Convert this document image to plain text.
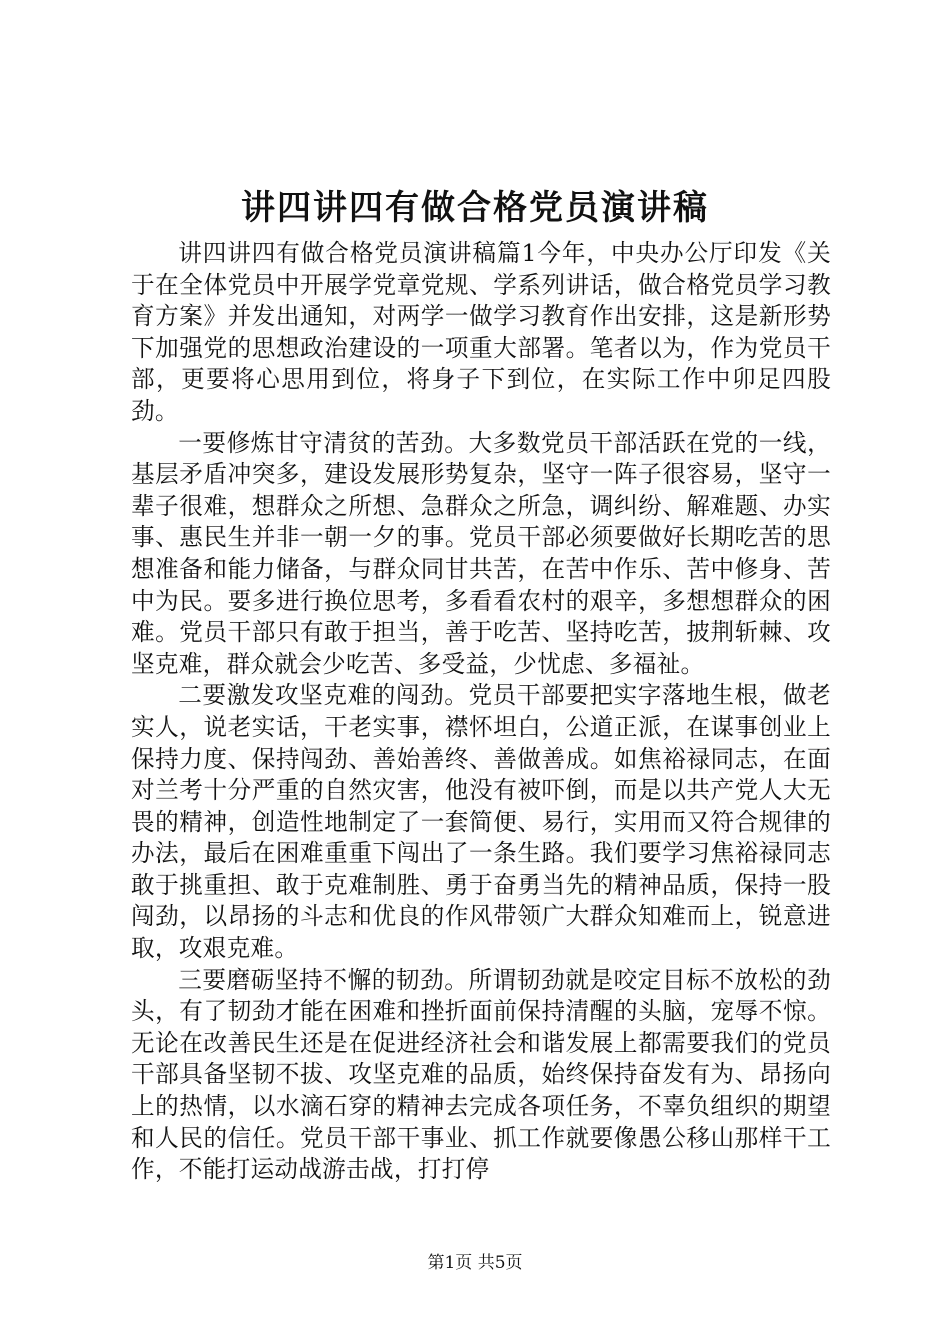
讲四讲四有做合格党员演讲稿

讲四讲四有做合格党员演讲稿篇1今年，中央办公厅印发《关于在全体党员中开展学党章党规、学系列讲话，做合格党员学习教育方案》并发出通知，对两学一做学习教育作出安排，这是新形势下加强党的思想政治建设的一项重大部署。笔者以为，作为党员干部，更要将心思用到位，将身子下到位，在实际工作中卯足四股劲。

一要修炼甘守清贫的苦劲。大多数党员干部活跃在党的一线，基层矛盾冲突多，建设发展形势复杂，坚守一阵子很容易，坚守一辈子很难，想群众之所想、急群众之所急，调纠纷、解难题、办实事、惠民生并非一朝一夕的事。党员干部必须要做好长期吃苦的思想准备和能力储备，与群众同甘共苦，在苦中作乐、苦中修身、苦中为民。要多进行换位思考，多看看农村的艰辛，多想想群众的困难。党员干部只有敢于担当，善于吃苦、坚持吃苦，披荆斩棘、攻坚克难，群众就会少吃苦、多受益，少忧虑、多福祉。

二要激发攻坚克难的闯劲。党员干部要把实字落地生根，做老实人，说老实话，干老实事，襟怀坦白，公道正派，在谋事创业上保持力度、保持闯劲、善始善终、善做善成。如焦裕禄同志，在面对兰考十分严重的自然灾害，他没有被吓倒，而是以共产党人大无畏的精神，创造性地制定了一套简便、易行，实用而又符合规律的办法，最后在困难重重下闯出了一条生路。我们要学习焦裕禄同志敢于挑重担、敢于克难制胜、勇于奋勇当先的精神品质，保持一股闯劲，以昂扬的斗志和优良的作风带领广大群众知难而上，锐意进取，攻艰克难。

三要磨砺坚持不懈的韧劲。所谓韧劲就是咬定目标不放松的劲头，有了韧劲才能在困难和挫折面前保持清醒的头脑，宠辱不惊。无论在改善民生还是在促进经济社会和谐发展上都需要我们的党员干部具备坚韧不拔、攻坚克难的品质，始终保持奋发有为、昂扬向上的热情，以水滴石穿的精神去完成各项任务，不辜负组织的期望和人民的信任。党员干部干事业、抓工作就要像愚公移山那样干工作，不能打运动战游击战，打打停

第1页 共5页
